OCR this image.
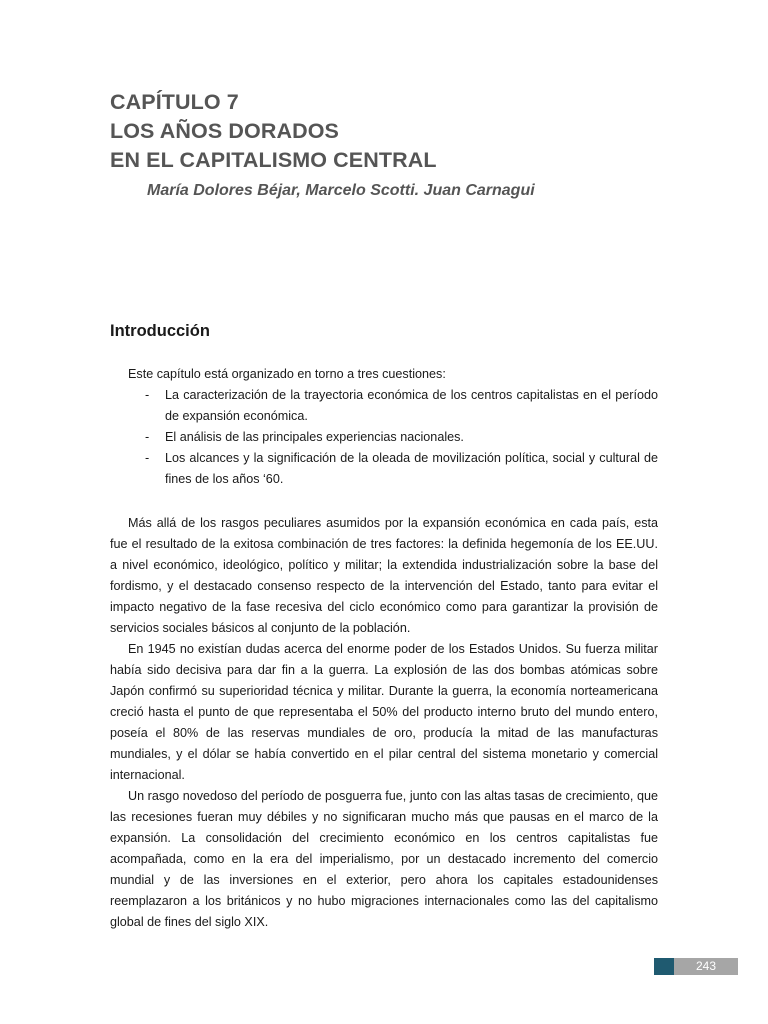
CAPÍTULO 7
LOS AÑOS DORADOS
EN EL CAPITALISMO CENTRAL

María Dolores Béjar, Marcelo Scotti. Juan Carnagui

Introducción

Este capítulo está organizado en torno a tres cuestiones:

- La caracterización de la trayectoria económica de los centros capitalistas en el período de expansión económica.
- El análisis de las principales experiencias nacionales.
- Los alcances y la significación de la oleada de movilización política, social y cultural de fines de los años ‘60.

Más allá de los rasgos peculiares asumidos por la expansión económica en cada país, esta fue el resultado de la exitosa combinación de tres factores: la definida hegemonía de los EE.UU. a nivel económico, ideológico, político y militar; la extendida industrialización sobre la base del fordismo, y el destacado consenso respecto de la intervención del Estado, tanto para evitar el impacto negativo de la fase recesiva del ciclo económico como para garantizar la provisión de servicios sociales básicos al conjunto de la población.

En 1945 no existían dudas acerca del enorme poder de los Estados Unidos. Su fuerza militar había sido decisiva para dar fin a la guerra. La explosión de las dos bombas atómicas sobre Japón confirmó su superioridad técnica y militar. Durante la guerra, la economía norteamericana creció hasta el punto de que representaba el 50% del producto interno bruto del mundo entero, poseía el 80% de las reservas mundiales de oro, producía la mitad de las manufacturas mundiales, y el dólar se había convertido en el pilar central del sistema monetario y comercial internacional.

Un rasgo novedoso del período de posguerra fue, junto con las altas tasas de crecimiento, que las recesiones fueran muy débiles y no significaran mucho más que pausas en el marco de la expansión. La consolidación del crecimiento económico en los centros capitalistas fue acompañada, como en la era del imperialismo, por un destacado incremento del comercio mundial y de las inversiones en el exterior, pero ahora los capitales estadounidenses reemplazaron a los británicos y no hubo migraciones internacionales como las del capitalismo global de fines del siglo XIX.

243
